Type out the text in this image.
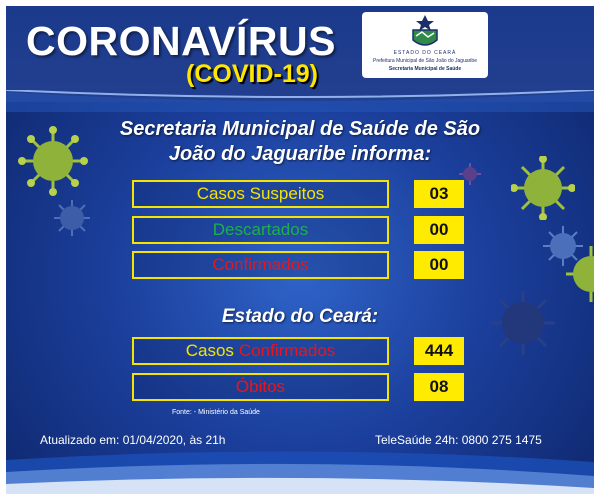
CORONAVÍRUS
(COVID-19)
ESTADO DO CEARÁ
Prefeitura Municipal de São João do Jaguaribe
Secretaria Municipal de Saúde
Secretaria Municipal de Saúde de São
João do Jaguaribe informa:
Casos Suspeitos	03
Descartados	00
Confirmados	00
Estado do Ceará:
Casos Confirmados	444
Óbitos	08
Fonte: - Ministério da Saúde
Atualizado em: 01/04/2020, às 21h	TeleSaúde 24h: 0800 275 1475
